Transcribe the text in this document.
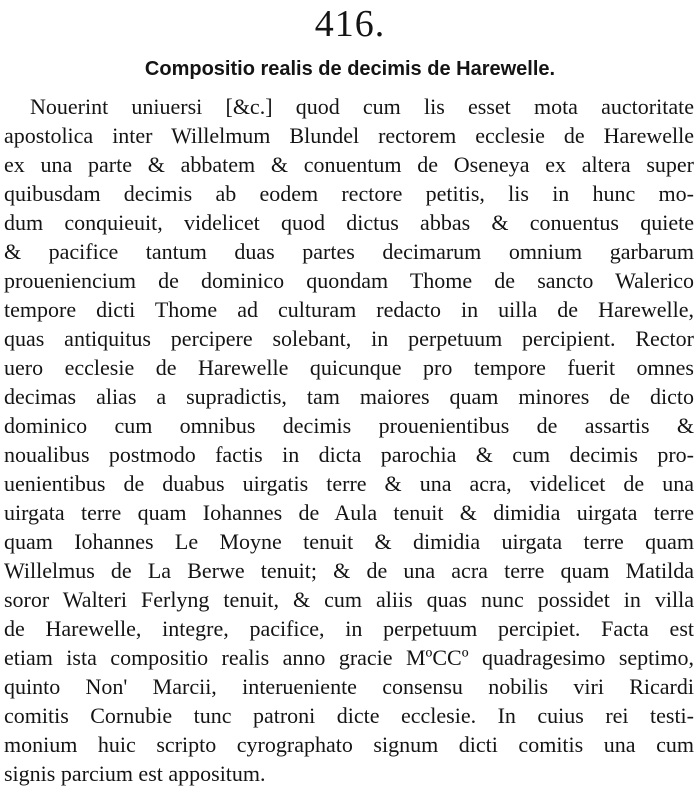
416.
Compositio realis de decimis de Harewelle.
Nouerint uniuersi [&c.] quod cum lis esset mota auctoritate
apostolica inter Willelmum Blundel rectorem ecclesie de Harewelle
ex una parte & abbatem & conuentum de Oseneya ex altera super
quibusdam decimis ab eodem rectore petitis, lis in hunc mo-
dum conquieuit, videlicet quod dictus abbas & conuentus quiete
& pacifice tantum duas partes decimarum omnium garbarum
proueniencium de dominico quondam Thome de sancto Walerico
tempore dicti Thome ad culturam redacto in uilla de Harewelle,
quas antiquitus percipere solebant, in perpetuum percipient. Rector
uero ecclesie de Harewelle quicunque pro tempore fuerit omnes
decimas alias a supradictis, tam maiores quam minores de dicto
dominico cum omnibus decimis prouenientibus de assartis &
noualibus postmodo factis in dicta parochia & cum decimis pro-
uenientibus de duabus uirgatis terre & una acra, videlicet de una
uirgata terre quam Iohannes de Aula tenuit & dimidia uirgata terre
quam Iohannes Le Moyne tenuit & dimidia uirgata terre quam
Willelmus de La Berwe tenuit; & de una acra terre quam Matilda
soror Walteri Ferlyng tenuit, & cum aliis quas nunc possidet in villa
de Harewelle, integre, pacifice, in perpetuum percipiet. Facta est
etiam ista compositio realis anno gracie MºCCº quadragesimo septimo,
quinto Non' Marcii, interueniente consensu nobilis viri Ricardi
comitis Cornubie tunc patroni dicte ecclesie. In cuius rei testi-
monium huic scripto cyrographato signum dicti comitis una cum
signis parcium est appositum.
